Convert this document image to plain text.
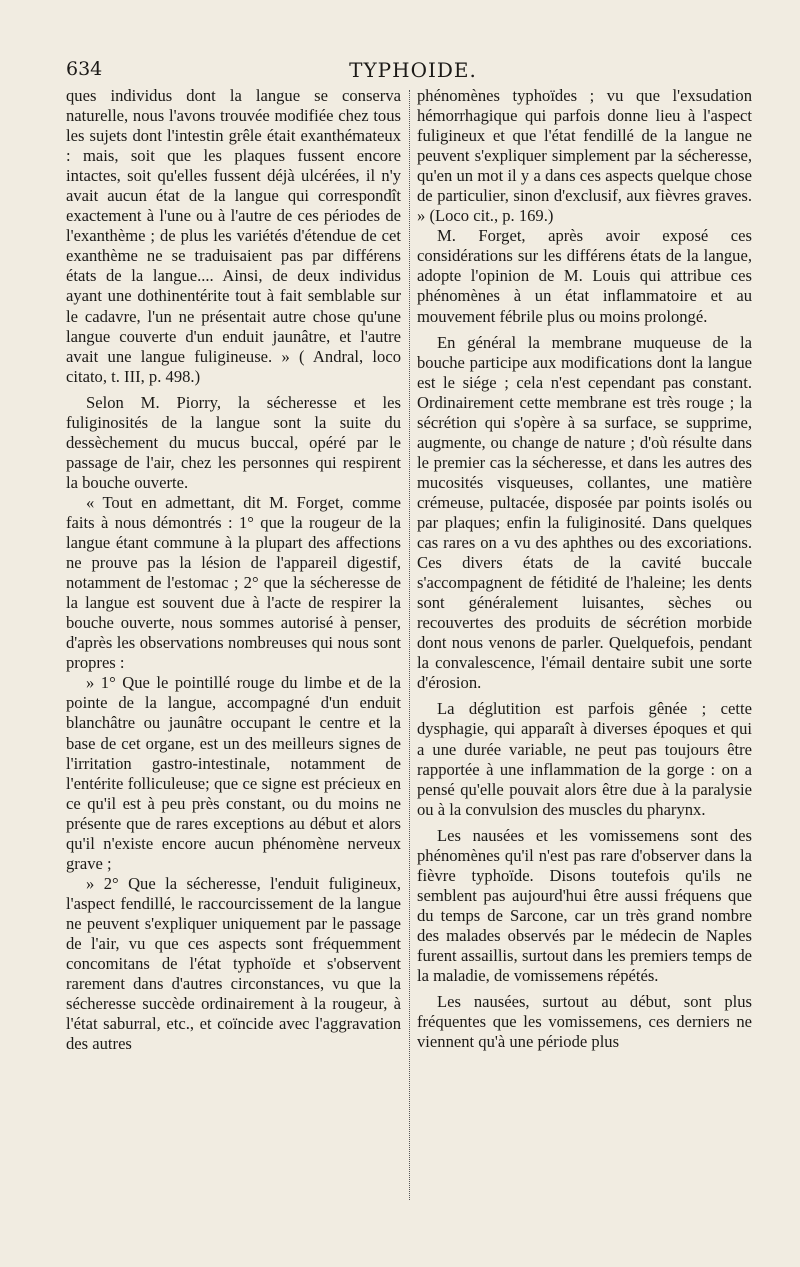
634	TYPHOIDE.

ques individus dont la langue se conserva naturelle, nous l'avons trouvée modifiée chez tous les sujets dont l'intestin grêle était exanthémateux : mais, soit que les plaques fussent encore intactes, soit qu'elles fussent déjà ulcérées, il n'y avait aucun état de la langue qui correspondît exactement à l'une ou à l'autre de ces périodes de l'exanthème ; de plus les variétés d'étendue de cet exanthème ne se traduisaient pas par différens états de la langue.... Ainsi, de deux individus ayant une dothinentérite tout à fait semblable sur le cadavre, l'un ne présentait autre chose qu'une langue couverte d'un enduit jaunâtre, et l'autre avait une langue fuligineuse. » ( Andral, loco citato, t. III, p. 498.)

Selon M. Piorry, la sécheresse et les fuliginosités de la langue sont la suite du dessèchement du mucus buccal, opéré par le passage de l'air, chez les personnes qui respirent la bouche ouverte.

« Tout en admettant, dit M. Forget, comme faits à nous démontrés : 1° que la rougeur de la langue étant commune à la plupart des affections ne prouve pas la lésion de l'appareil digestif, notamment de l'estomac ; 2° que la sécheresse de la langue est souvent due à l'acte de respirer la bouche ouverte, nous sommes autorisé à penser, d'après les observations nombreuses qui nous sont propres :

» 1° Que le pointillé rouge du limbe et de la pointe de la langue, accompagné d'un enduit blanchâtre ou jaunâtre occupant le centre et la base de cet organe, est un des meilleurs signes de l'irritation gastro-intestinale, notamment de l'entérite folliculeuse; que ce signe est précieux en ce qu'il est à peu près constant, ou du moins ne présente que de rares exceptions au début et alors qu'il n'existe encore aucun phénomène nerveux grave ;

» 2° Que la sécheresse, l'enduit fuligineux, l'aspect fendillé, le raccourcissement de la langue ne peuvent s'expliquer uniquement par le passage de l'air, vu que ces aspects sont fréquemment concomitans de l'état typhoïde et s'observent rarement dans d'autres circonstances, vu que la sécheresse succède ordinairement à la rougeur, à l'état saburral, etc., et coïncide avec l'aggravation des autres

phénomènes typhoïdes ; vu que l'exsudation hémorrhagique qui parfois donne lieu à l'aspect fuligineux et que l'état fendillé de la langue ne peuvent s'expliquer simplement par la sécheresse, qu'en un mot il y a dans ces aspects quelque chose de particulier, sinon d'exclusif, aux fièvres graves. » (Loco cit., p. 169.)

M. Forget, après avoir exposé ces considérations sur les différens états de la langue, adopte l'opinion de M. Louis qui attribue ces phénomènes à un état inflammatoire et au mouvement fébrile plus ou moins prolongé.

En général la membrane muqueuse de la bouche participe aux modifications dont la langue est le siége ; cela n'est cependant pas constant. Ordinairement cette membrane est très rouge ; la sécrétion qui s'opère à sa surface, se supprime, augmente, ou change de nature ; d'où résulte dans le premier cas la sécheresse, et dans les autres des mucosités visqueuses, collantes, une matière crémeuse, pultacée, disposée par points isolés ou par plaques; enfin la fuliginosité. Dans quelques cas rares on a vu des aphthes ou des excoriations. Ces divers états de la cavité buccale s'accompagnent de fétidité de l'haleine; les dents sont généralement luisantes, sèches ou recouvertes des produits de sécrétion morbide dont nous venons de parler. Quelquefois, pendant la convalescence, l'émail dentaire subit une sorte d'érosion.

La déglutition est parfois gênée ; cette dysphagie, qui apparaît à diverses époques et qui a une durée variable, ne peut pas toujours être rapportée à une inflammation de la gorge : on a pensé qu'elle pouvait alors être due à la paralysie ou à la convulsion des muscles du pharynx.

Les nausées et les vomissemens sont des phénomènes qu'il n'est pas rare d'observer dans la fièvre typhoïde. Disons toutefois qu'ils ne semblent pas aujourd'hui être aussi fréquens que du temps de Sarcone, car un très grand nombre des malades observés par le médecin de Naples furent assaillis, surtout dans les premiers temps de la maladie, de vomissemens répétés.

Les nausées, surtout au début, sont plus fréquentes que les vomissemens, ces derniers ne viennent qu'à une période plus
